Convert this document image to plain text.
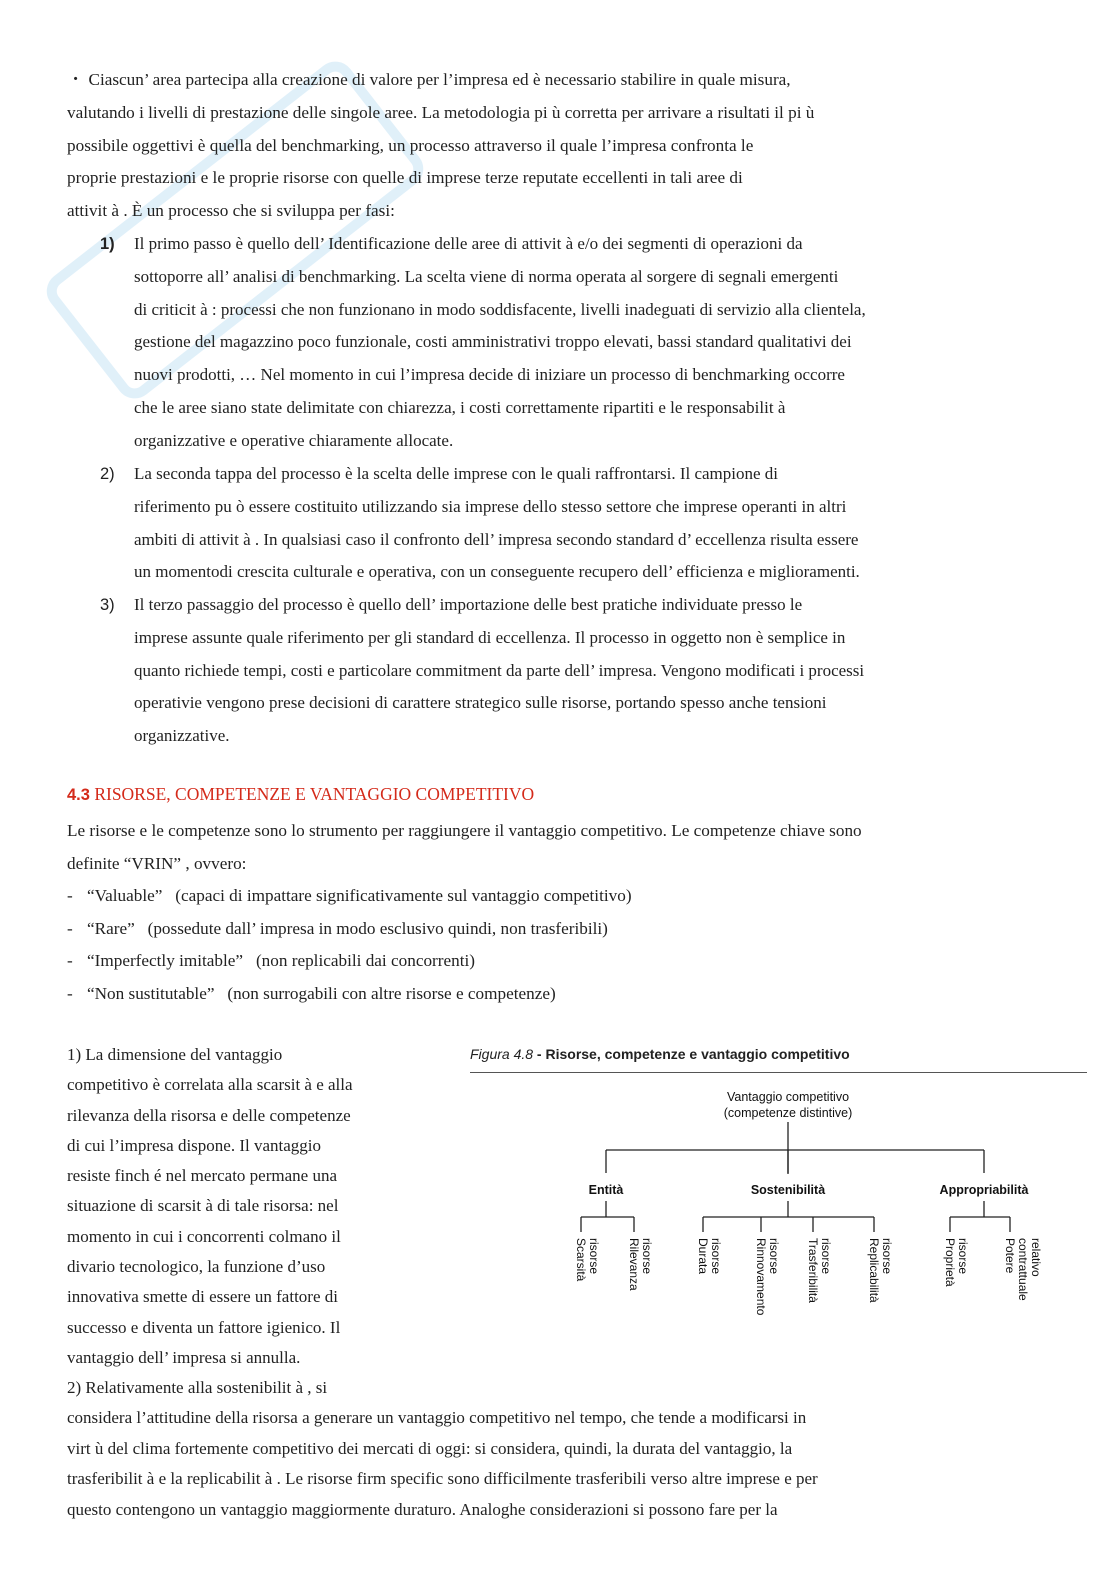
・ Ciascun’ area partecipa alla creazione di valore per l’impresa ed è necessario stabilire in quale misura,
valutando i livelli di prestazione delle singole aree. La metodologia pi ù corretta per arrivare a risultati il pi ù
possibile oggettivi è quella del benchmarking, un processo attraverso il quale l’impresa confronta le
proprie prestazioni e le proprie risorse con quelle di imprese terze reputate eccellenti in tali aree di
attivit à . È un processo che si sviluppa per fasi:
1) Il primo passo è quello dell’ Identificazione delle aree di attivit à e/o dei segmenti di operazioni da
sottoporre all’ analisi di benchmarking. La scelta viene di norma operata al sorgere di segnali emergenti
di criticit à : processi che non funzionano in modo soddisfacente, livelli inadeguati di servizio alla clientela,
gestione del magazzino poco funzionale, costi amministrativi troppo elevati, bassi standard qualitativi dei
nuovi prodotti, … Nel momento in cui l’impresa decide di iniziare un processo di benchmarking occorre
che le aree siano state delimitate con chiarezza, i costi correttamente ripartiti e le responsabilit à
organizzative e operative chiaramente allocate.
2) La seconda tappa del processo è la scelta delle imprese con le quali raffrontarsi. Il campione di
riferimento pu ò essere costituito utilizzando sia imprese dello stesso settore che imprese operanti in altri
ambiti di attivit à . In qualsiasi caso il confronto dell’ impresa secondo standard d’ eccellenza risulta essere
un momentodi crescita culturale e operativa, con un conseguente recupero dell’ efficienza e miglioramenti.
3) Il terzo passaggio del processo è quello dell’ importazione delle best pratiche individuate presso le
imprese assunte quale riferimento per gli standard di eccellenza. Il processo in oggetto non è semplice in
quanto richiede tempi, costi e particolare commitment da parte dell’ impresa. Vengono modificati i processi
operativie vengono prese decisioni di carattere strategico sulle risorse, portando spesso anche tensioni
organizzative.
4.3 RISORSE, COMPETENZE E VANTAGGIO COMPETITIVO
Le risorse e le competenze sono lo strumento per raggiungere il vantaggio competitivo. Le competenze chiave sono
definite “VRIN” , ovvero:
- “Valuable” (capaci di impattare significativamente sul vantaggio competitivo)
- “Rare” (possedute dall’ impresa in modo esclusivo quindi, non trasferibili)
- “Imperfectly imitable” (non replicabili dai concorrenti)
- “Non sustitutable” (non surrogabili con altre risorse e competenze)
1) La dimensione del vantaggio
competitivo è correlata alla scarsit à e alla
rilevanza della risorsa e delle competenze
di cui l’impresa dispone. Il vantaggio
resiste finch é nel mercato permane una
situazione di scarsit à di tale risorsa: nel
momento in cui i concorrenti colmano il
divario tecnologico, la funzione d’uso
innovativa smette di essere un fattore di
successo e diventa un fattore igienico. Il
vantaggio dell’ impresa si annulla.
2) Relativamente alla sostenibilit à , si
Figura 4.8 - Risorse, competenze e vantaggio competitivo
Vantaggio competitivo
(competenze distintive)
Entità
Scarsitàrisorse Rilevanzarisorse
Sostenibilità
Duratarisorse	Rinnovamentorisorse Trasferibilitàrisorse	Replicabilitàrisorse
Appropriabilità
Proprietàrisorse	Poterecontrattualerelativo
considera l’attitudine della risorsa a generare un vantaggio competitivo nel tempo, che tende a modificarsi in
virt ù del clima fortemente competitivo dei mercati di oggi: si considera, quindi, la durata del vantaggio, la
trasferibilit à e la replicabilit à . Le risorse firm specific sono difficilmente trasferibili verso altre imprese e per
questo contengono un vantaggio maggiormente duraturo. Analoghe considerazioni si possono fare per la
